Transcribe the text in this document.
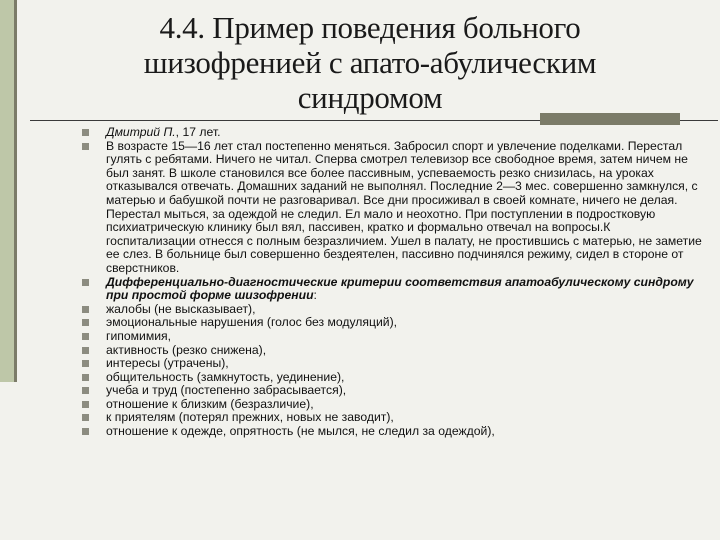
4.4. Пример поведения больного шизофренией с апато-абулическим синдромом
Дмитрий П., 17 лет.
В возрасте 15—16 лет стал постепенно меняться. Забросил спорт и увлечение поделками. Перестал гулять с ребятами. Ничего не читал. Сперва смотрел телевизор все свободное время, затем ничем не был занят. В школе становился все более пассивным, успеваемость резко снизилась, на уроках отказывался отвечать. Домашних заданий не выполнял. Последние 2—3 мес. совершенно замкнулся, с матерью и бабушкой почти не разговаривал. Все дни просиживал в своей комнате, ничего не делая. Перестал мыться, за одеждой не следил. Ел мало и неохотно. При поступлении в подростковую психиатрическую клинику был вял, пассивен, кратко и формально отвечал на вопросы.К госпитализации отнесся с полным безразличием. Ушел в палату, не простившись с матерью, не заметие ее слез. В больнице был совершенно бездеятелен, пассивно подчинялся режиму, сидел в стороне от сверстников.
Дифференциально-диагностические критерии соответствия апатоабулическому синдрому при простой форме шизофрении:
жалобы (не высказывает),
эмоциональные нарушения (голос без модуляций),
гипомимия,
активность (резко снижена),
интересы (утрачены),
общительность (замкнутость, уединение),
учеба и труд (постепенно забрасывается),
отношение к близким (безразличие),
к приятелям (потерял прежних, новых не заводит),
отношение к одежде, опрятность (не мылся, не следил за одеждой),
